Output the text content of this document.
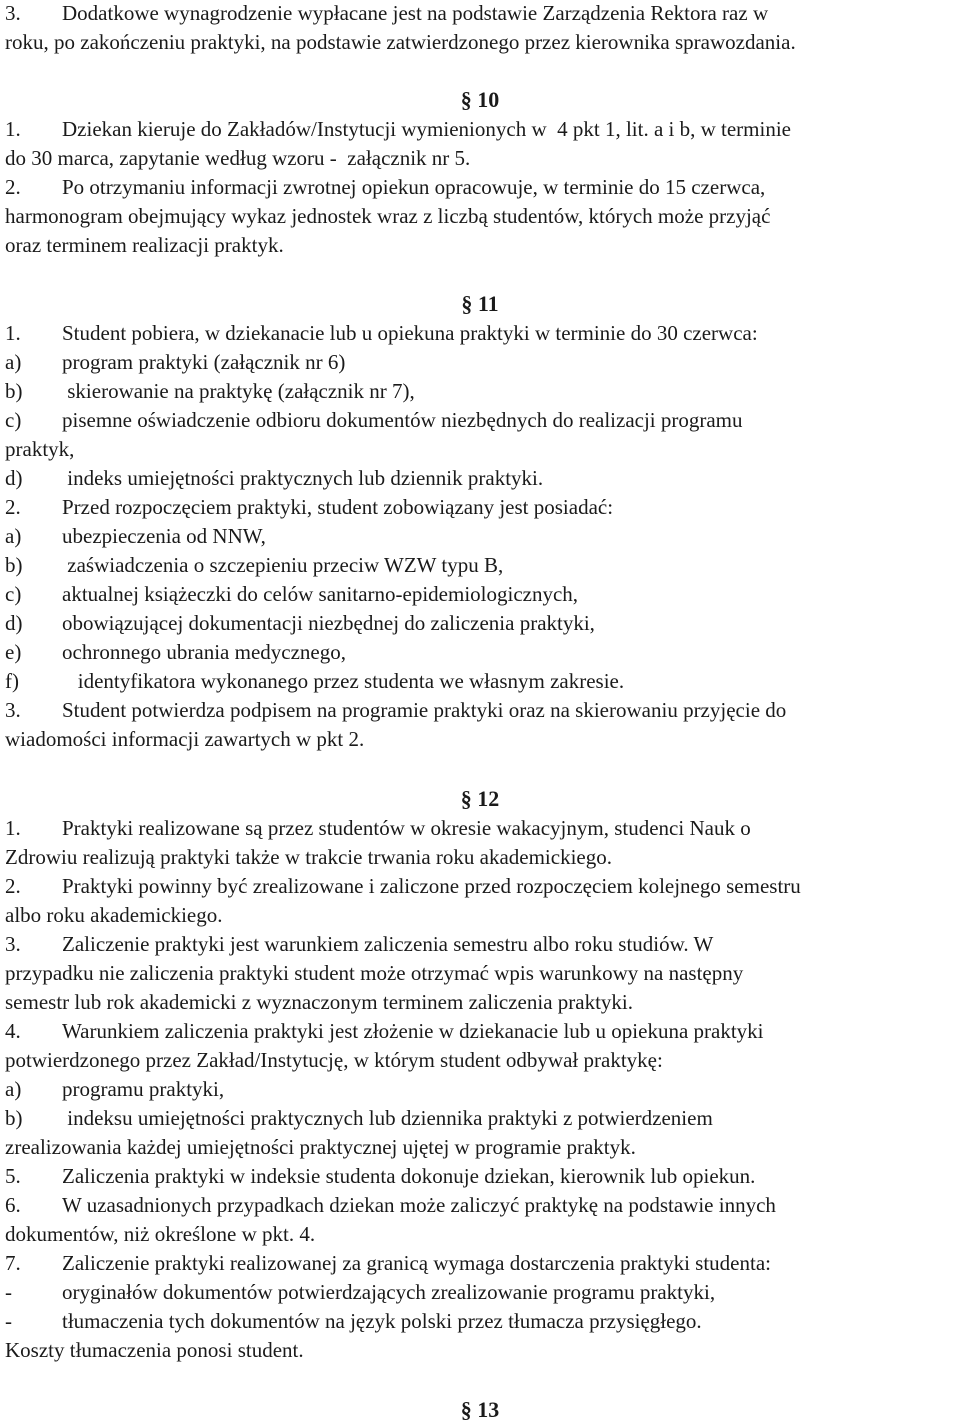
3. Dodatkowe wynagrodzenie wypłacane jest na podstawie Zarządzenia Rektora raz w
roku, po zakończeniu praktyki, na podstawie zatwierdzonego przez kierownika sprawozdania.
§ 10
1. Dziekan kieruje do Zakładów/Instytucji wymienionych w  4 pkt 1, lit. a i b, w terminie
do 30 marca, zapytanie według wzoru -  załącznik nr 5.
2. Po otrzymaniu informacji zwrotnej opiekun opracowuje, w terminie do 15 czerwca,
harmonogram obejmujący wykaz jednostek wraz z liczbą studentów, których może przyjąć
oraz terminem realizacji praktyk.
§ 11
1. Student pobiera, w dziekanacie lub u opiekuna praktyki w terminie do 30 czerwca:
a) program praktyki (załącznik nr 6)
b) skierowanie na praktykę (załącznik nr 7),
c) pisemne oświadczenie odbioru dokumentów niezbędnych do realizacji programu
praktyk,
d) indeks umiejętności praktycznych lub dziennik praktyki.
2. Przed rozpoczęciem praktyki, student zobowiązany jest posiadać:
a) ubezpieczenia od NNW,
b) zaświadczenia o szczepieniu przeciw WZW typu B,
c) aktualnej książeczki do celów sanitarno-epidemiologicznych,
d) obowiązującej dokumentacji niezbędnej do zaliczenia praktyki,
e) ochronnego ubrania medycznego,
f)   identyfikatora wykonanego przez studenta we własnym zakresie.
3. Student potwierdza podpisem na programie praktyki oraz na skierowaniu przyjęcie do
wiadomości informacji zawartych w pkt 2.
§ 12
1. Praktyki realizowane są przez studentów w okresie wakacyjnym, studenci Nauk o
Zdrowiu realizują praktyki także w trakcie trwania roku akademickiego.
2. Praktyki powinny być zrealizowane i zaliczone przed rozpoczęciem kolejnego semestru
albo roku akademickiego.
3. Zaliczenie praktyki jest warunkiem zaliczenia semestru albo roku studiów. W
przypadku nie zaliczenia praktyki student może otrzymać wpis warunkowy na następny
semestr lub rok akademicki z wyznaczonym terminem zaliczenia praktyki.
4. Warunkiem zaliczenia praktyki jest złożenie w dziekanacie lub u opiekuna praktyki
potwierdzonego przez Zakład/Instytucję, w którym student odbywał praktykę:
a) programu praktyki,
b) indeksu umiejętności praktycznych lub dziennika praktyki z potwierdzeniem
zrealizowania każdej umiejętności praktycznej ujętej w programie praktyk.
5. Zaliczenia praktyki w indeksie studenta dokonuje dziekan, kierownik lub opiekun.
6. W uzasadnionych przypadkach dziekan może zaliczyć praktykę na podstawie innych
dokumentów, niż określone w pkt. 4.
7. Zaliczenie praktyki realizowanej za granicą wymaga dostarczenia praktyki studenta:
- oryginałów dokumentów potwierdzających zrealizowanie programu praktyki,
- tłumaczenia tych dokumentów na język polski przez tłumacza przysięgłego.
Koszty tłumaczenia ponosi student.
§ 13
